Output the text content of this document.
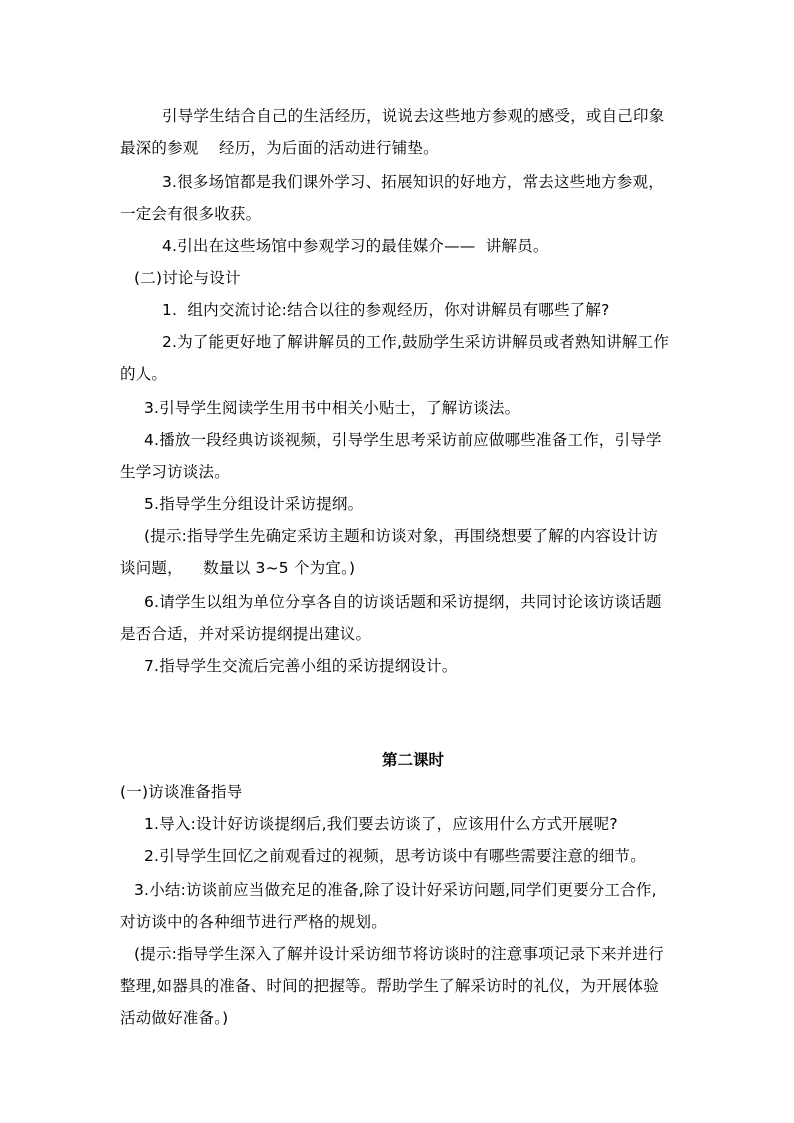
引导学生结合自己的生活经历，说说去这些地方参观的感受，或自己印象
最深的参观    经历，为后面的活动进行铺垫。
3.很多场馆都是我们课外学习、拓展知识的好地方，常去这些地方参观，
一定会有很多收获。
4.引出在这些场馆中参观学习的最佳媒介——  讲解员。
(二)讨论与设计
1.  组内交流讨论:结合以往的参观经历，你对讲解员有哪些了解?
2.为了能更好地了解讲解员的工作,鼓励学生采访讲解员或者熟知讲解工作
的人。
3.引导学生阅读学生用书中相关小贴士，了解访谈法。
4.播放一段经典访谈视频，引导学生思考采访前应做哪些准备工作，引导学
生学习访谈法。
5.指导学生分组设计采访提纲。
(提示:指导学生先确定采访主题和访谈对象，再围绕想要了解的内容设计访
谈问题，    数量以 3~5 个为宜。)
6.请学生以组为单位分享各自的访谈话题和采访提纲，共同讨论该访谈话题
是否合适，并对采访提纲提出建议。
7.指导学生交流后完善小组的采访提纲设计。
第二课时
(一)访谈准备指导
1.导入:设计好访谈提纲后,我们要去访谈了，应该用什么方式开展呢?
2.引导学生回忆之前观看过的视频，思考访谈中有哪些需要注意的细节。
3.小结:访谈前应当做充足的准备,除了设计好采访问题,同学们更要分工合作,
对访谈中的各种细节进行严格的规划。
(提示:指导学生深入了解并设计采访细节将访谈时的注意事项记录下来并进行
整理,如器具的准备、时间的把握等。帮助学生了解采访时的礼仪，为开展体验
活动做好准备。)
